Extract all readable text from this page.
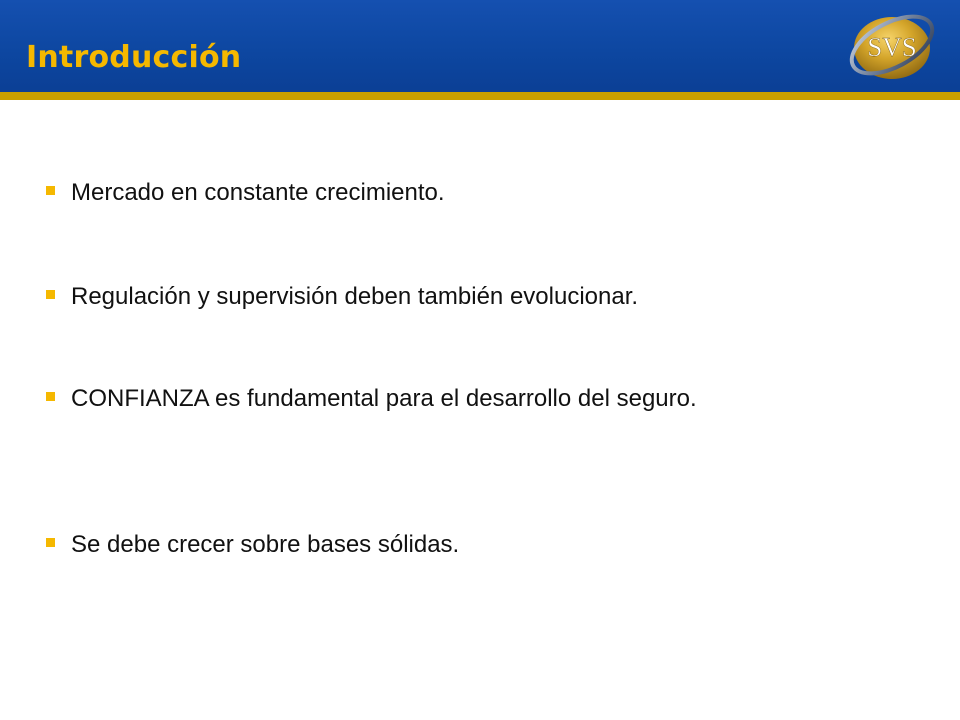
Introducción	SVS
Mercado en constante crecimiento.
Regulación y supervisión deben también evolucionar.
CONFIANZA es fundamental para el desarrollo del seguro.
Se debe crecer sobre bases sólidas.
